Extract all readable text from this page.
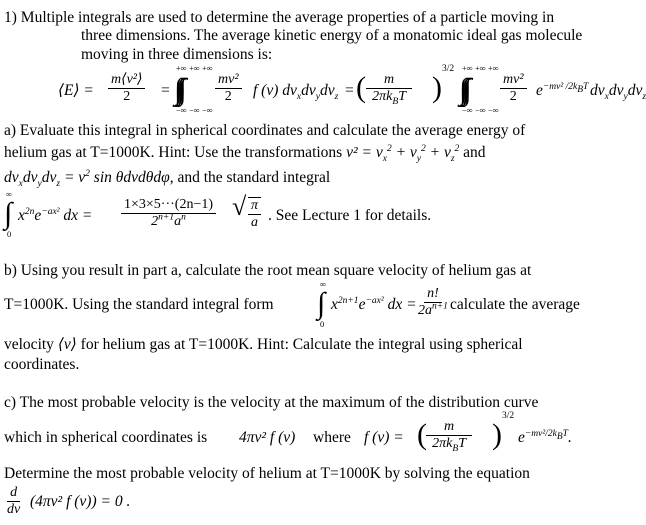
1) Multiple integrals are used to determine the average properties of a particle moving in
three dimensions. The average kinetic energy of a monatomic ideal gas molecule
moving in three dimensions is:
⟨E⟩ = $\frac{\text{m⟨v²⟩}}{2}$ =
+∞ +∞ +∞
∫∫∫
−∞ −∞ −∞
$\frac{\text{mv²}}{2}$ f (v) $dv_xdv_ydv_z$ = ( $\frac{m}{2\pi k_BT}$ )
3/2 +∞ +∞ +∞
∫∫∫
−∞ −∞ −∞
$\frac{\text{mv²}}{2} e^{-mv^2 /2k_BT}$ $dv_xdv_ydv_z$
a) Evaluate this integral in spherical coordinates and calculate the average energy of
helium gas at T=1000K. Hint: Use the transformations $v^2 = v_x^2 + v_y^2 + v_z^2$ and
$dv_xdv_ydv_z = v^2$ sin θdvdθdφ, and the standard integral
∞
∫
0
$x^{2n}e^{-ax^2}$ dx = $\frac{1\times 3\times 5\cdot\cdot\cdot(2n-1)}{2^{n+1}a^n}$ √ $\frac{\pi}{a}$ . See Lecture 1 for details.
b) Using you result in part a, calculate the root mean square velocity of helium gas at
T=1000K. Using the standard integral form
∞
∫
0
$x^{2n+1}e^{-ax^2}$ dx =
$\frac{n!}{2a^{n+1}}$ calculate the average
velocity ⟨v⟩ for helium gas at T=1000K. Hint: Calculate the integral using spherical
coordinates.
c) The most probable velocity is the velocity at the maximum of the distribution curve
which in spherical coordinates is 4πv² f (v) where f (v) = ( $\frac{m}{2\pi k_BT}$ )
3/2
$e^{-mv^2/2k_BT}$.
Determine the most probable velocity of helium at T=1000K by solving the equation
$\frac{d}{dv} (4\pi v^2$ f (v)) = 0 .
